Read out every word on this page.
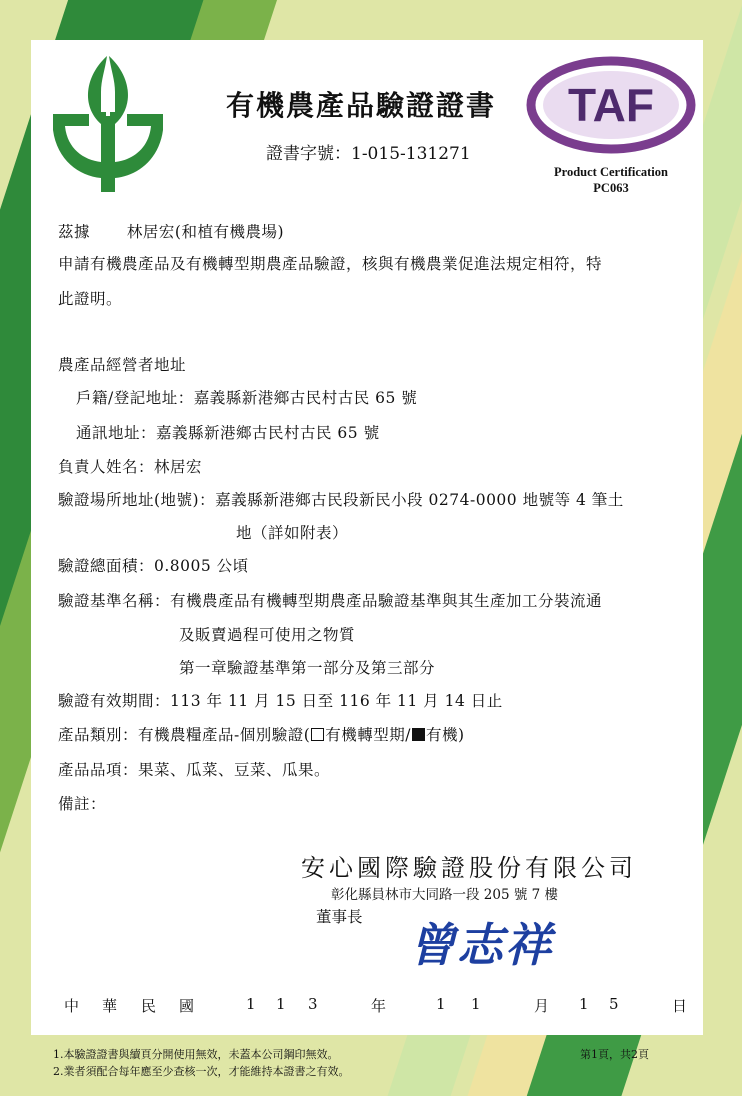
有機農產品驗證證書
證書字號：1-015-131271
TAF
Product Certification
PC063
茲據 林居宏(和植有機農場)
申請有機農產品及有機轉型期農產品驗證，核與有機農業促進法規定相符，特
此證明。
農產品經營者地址
戶籍/登記地址：嘉義縣新港鄉古民村古民 65 號
通訊地址：嘉義縣新港鄉古民村古民 65 號
負責人姓名：林居宏
驗證場所地址(地號)：嘉義縣新港鄉古民段新民小段 0274-0000 地號等 4 筆土
地（詳如附表）
驗證總面積：0.8005 公頃
驗證基準名稱：有機農產品有機轉型期農產品驗證基準與其生產加工分裝流通
及販賣過程可使用之物質
第一章驗證基準第一部分及第三部分
驗證有效期間：113 年 11 月 15 日至 116 年 11 月 14 日止
產品類別：有機農糧產品-個別驗證( 有機轉型期/ 有機)
產品品項：果菜、瓜菜、豆菜、瓜果。
備註：
安心國際驗證股份有限公司
彰化縣員林市大同路一段 205 號 7 樓
董事長
曾志祥
中 華 民 國	1 1 3	年	1 1	月 1 5	日
1.本驗證證書與續頁分開使用無效，未蓋本公司鋼印無效。
2.業者須配合每年應至少查核一次，才能維持本證書之有效。
第1頁，共2頁
